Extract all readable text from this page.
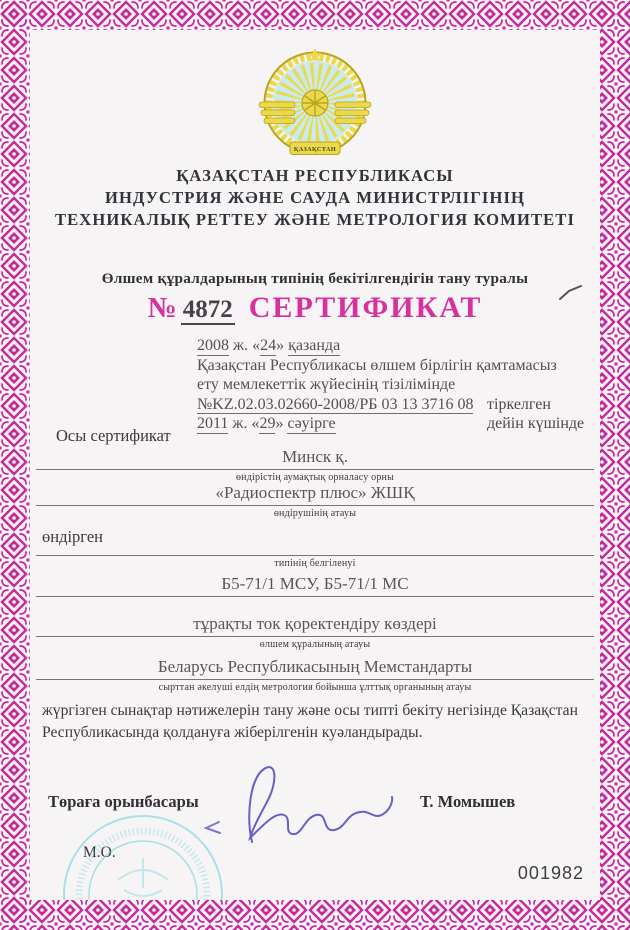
ҚАЗАҚСТАН
ҚАЗАҚСТАН РЕСПУБЛИКАСЫ
ИНДУСТРИЯ ЖӘНЕ САУДА МИНИСТРЛІГІНІҢ
ТЕХНИКАЛЫҚ РЕТТЕУ ЖӘНЕ МЕТРОЛОГИЯ КОМИТЕТІ
Өлшем құралдарының типінің бекітілгендігін тану туралы
№ 4872 СЕРТИФИКАТ
2008 ж. «24» қазанда
Қазақстан Республикасы өлшем бірлігін қамтамасыз
ету мемлекеттік жүйесінің тізілімінде
№KZ.02.03.02660-2008/РБ 03 13 3716 08 тіркелген
2011 ж. «29» сәуірге	дейін күшінде
Осы сертификат
Минск қ.
өндірістің аумақтық орналасу орны
«Радиоспектр плюс» ЖШҚ
өндірушінің атауы
өндірген
типінің белгіленуі
Б5-71/1 МСУ, Б5-71/1 МС
тұрақты ток қоректендіру көздері
өлшем құралының атауы
Беларусь Республикасының Мемстандарты
сырттан әкелуші елдің метрология бойынша ұлттық органының атауы
жүргізген сынақтар нәтижелерін тану және осы типті бекіту негізінде Қазақстан
Республикасында қолдануға жіберілгенін куәландырады.
Төраға орынбасары	Т. Момышев
М.О.
001982
